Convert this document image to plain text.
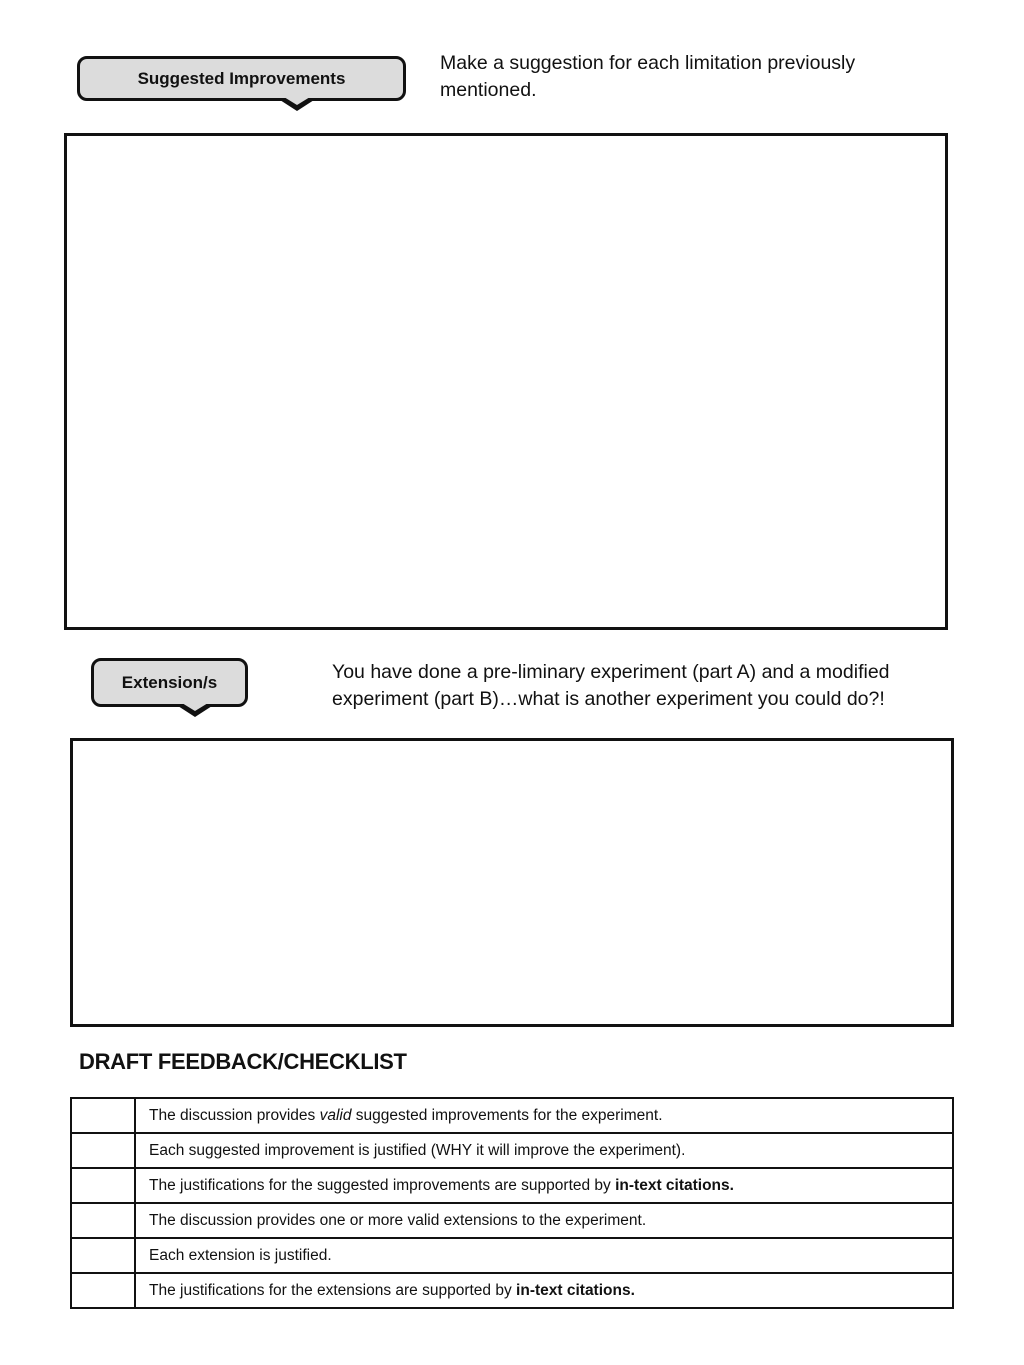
Suggested Improvements

Make a suggestion for each limitation previously mentioned.

Extension/s	You have done a pre-liminary experiment (part A) and a modified experiment (part B)…what is another experiment you could do?!

DRAFT FEEDBACK/CHECKLIST
	The discussion provides valid suggested improvements for the experiment.
	Each suggested improvement is justified (WHY it will improve the experiment).
	The justifications for the suggested improvements are supported by in-text citations.
	The discussion provides one or more valid extensions to the experiment.
	Each extension is justified.
	The justifications for the extensions are supported by in-text citations.
